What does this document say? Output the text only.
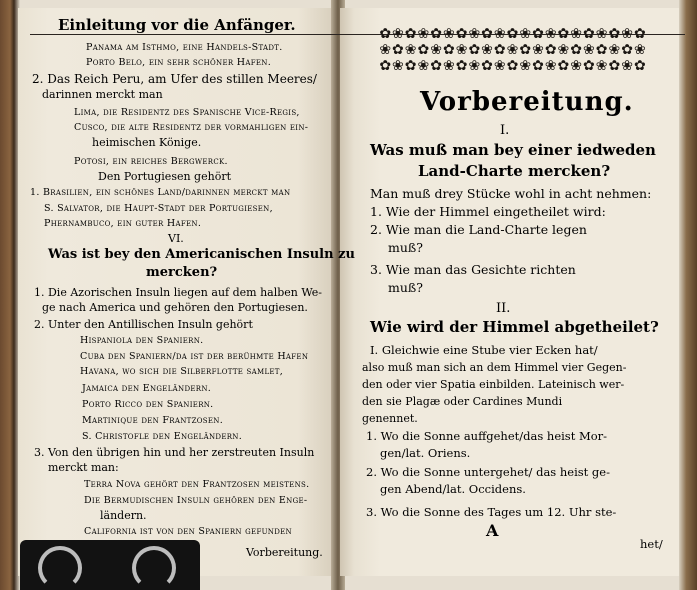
Einleitung vor die Anfänger.
Panama am Isthmo, eine Handels-Stadt.
Porto Belo, ein sehr schöner Hafen.
2. Das Reich Peru, am Ufer des stillen Meeres/
darinnen merckt man
Lima, die Residentz des Spanische Vice-Regis,
Cusco, die alte Residentz der vormahligen ein-
heimischen Könige.
Potosi, ein reiches Bergwerck.
Den Portugiesen gehört
1. Brasilien, ein schönes Land/darinnen merckt man
S. Salvator, die Haupt-Stadt der Portugiesen,
Phernambuco, ein guter Hafen.
VI.
Was ist bey den Americanischen Insuln zu
mercken?
1. Die Azorischen Insuln liegen auf dem halben We-
ge nach America und gehören den Portugiesen.
2. Unter den Antillischen Insuln gehört
Hispaniola den Spaniern.
Cuba den Spaniern/da ist der berühmte Hafen
Havana, wo sich die Silberflotte samlet,
Jamaica den Engeländern.
Porto Ricco den Spaniern.
Martinique den Frantzosen.
S. Christofle den Engeländern.
3. Von den übrigen hin und her zerstreuten Insuln
merckt man:
Terra Nova gehört den Frantzosen meistens.
Die Bermudischen Insuln gehören den Enge-
ländern.
California ist von den Spaniern gefunden
Vorbereitung.
✿❀✿❀✿❀✿❀✿❀✿❀✿❀✿❀✿❀✿❀✿
❀✿❀✿❀✿❀✿❀✿❀✿❀✿❀✿❀✿❀✿❀
✿❀✿❀✿❀✿❀✿❀✿❀✿❀✿❀✿❀✿❀✿
Vorbereitung.
I.
Was muß man bey einer iedweden
Land-Charte mercken?
Man muß drey Stücke wohl in acht nehmen:
1. Wie der Himmel eingetheilet wird:
2. Wie man die Land-Charte legen
muß?
3. Wie man das Gesichte richten
muß?
II.
Wie wird der Himmel abgetheilet?
I. Gleichwie eine Stube vier Ecken hat/
also muß man sich an dem Himmel vier Gegen-
den oder vier Spatia einbilden. Lateinisch wer-
den sie Plagæ oder Cardines Mundi
genennet.
1. Wo die Sonne auffgehet/das heist Mor-
gen/lat. Oriens.
2. Wo die Sonne untergehet/ das heist ge-
gen Abend/lat. Occidens.
3. Wo die Sonne des Tages um 12. Uhr ste-
A
het/
